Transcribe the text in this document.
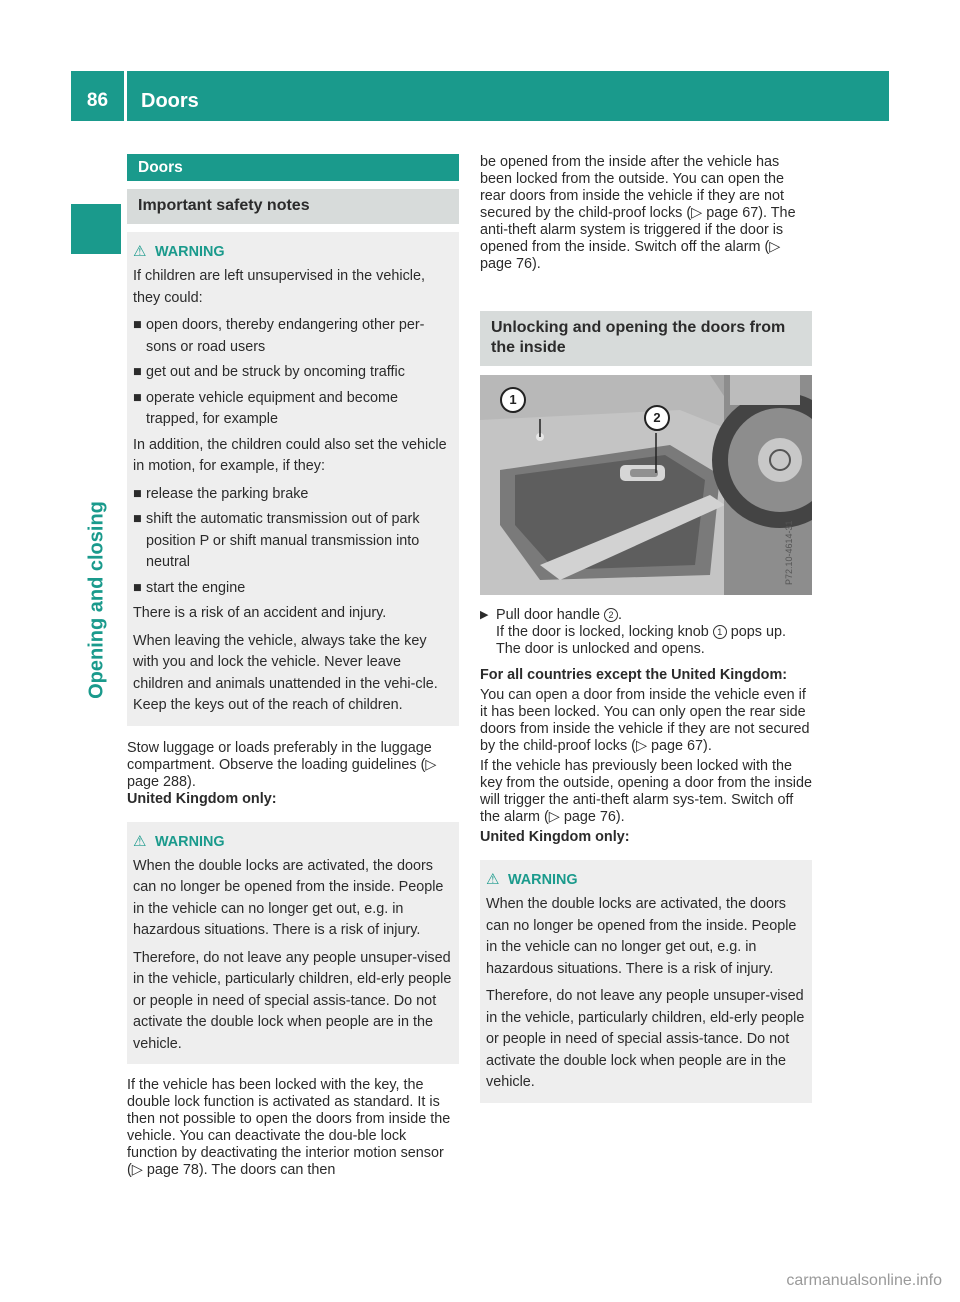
86	Doors
Opening and closing
Doors
Important safety notes
⚠ WARNING

If children are left unsupervised in the vehicle, they could:

■ open doors, thereby endangering other per-sons or road users
■ get out and be struck by oncoming traffic
■ operate vehicle equipment and become trapped, for example

In addition, the children could also set the vehicle in motion, for example, if they:

■ release the parking brake
■ shift the automatic transmission out of park position P or shift manual transmission into neutral
■ start the engine

There is a risk of an accident and injury.

When leaving the vehicle, always take the key with you and lock the vehicle. Never leave children and animals unattended in the vehi-cle. Keep the keys out of the reach of children.

Stow luggage or loads preferably in the luggage compartment. Observe the loading guidelines (▷ page 288).

United Kingdom only:

⚠ WARNING

When the double locks are activated, the doors can no longer be opened from the inside. People in the vehicle can no longer get out, e.g. in hazardous situations. There is a risk of injury.

Therefore, do not leave any people unsuper-vised in the vehicle, particularly children, eld-erly people or people in need of special assis-tance. Do not activate the double lock when people are in the vehicle.

If the vehicle has been locked with the key, the double lock function is activated as standard. It is then not possible to open the doors from inside the vehicle. You can deactivate the dou-ble lock function by deactivating the interior motion sensor (▷ page 78). The doors can then

be opened from the inside after the vehicle has been locked from the outside. You can open the rear doors from inside the vehicle if they are not secured by the child-proof locks (▷ page 67). The anti-theft alarm system is triggered if the door is opened from the inside. Switch off the alarm (▷ page 76).

Unlocking and opening the doors from the inside
P72.10-4614-31
1
2
▶ Pull door handle 2 .
If the door is locked, locking knob 1 pops up. The door is unlocked and opens.

For all countries except the United Kingdom:

You can open a door from inside the vehicle even if it has been locked. You can only open the rear side doors from inside the vehicle if they are not secured by the child-proof locks (▷ page 67).

If the vehicle has previously been locked with the key from the outside, opening a door from the inside will trigger the anti-theft alarm sys-tem. Switch off the alarm (▷ page 76).

United Kingdom only:

⚠ WARNING

When the double locks are activated, the doors can no longer be opened from the inside. People in the vehicle can no longer get out, e.g. in hazardous situations. There is a risk of injury.

Therefore, do not leave any people unsuper-vised in the vehicle, particularly children, eld-erly people or people in need of special assis-tance. Do not activate the double lock when people are in the vehicle.

carmanualsonline.info
